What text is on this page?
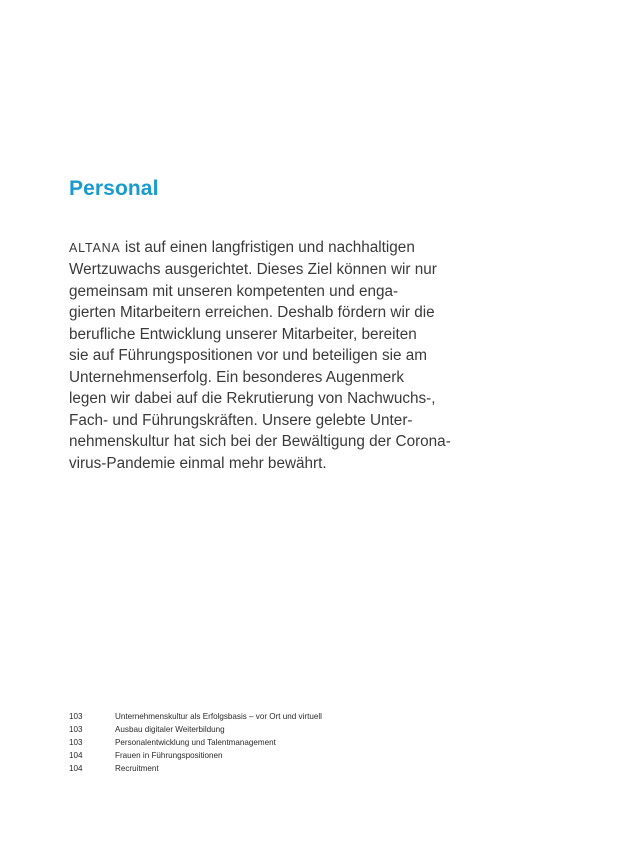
Personal

ALTANA ist auf einen langfristigen und nachhaltigen
Wertzuwachs ausgerichtet. Dieses Ziel können wir nur
gemeinsam mit unseren kompetenten und enga-
gierten Mitarbeitern erreichen. Deshalb fördern wir die
berufliche Entwicklung unserer Mitarbeiter, bereiten
sie auf Führungspositionen vor und beteiligen sie am
Unternehmenserfolg. Ein besonderes Augenmerk
legen wir dabei auf die Rekrutierung von Nachwuchs-,
Fach- und Führungskräften. Unsere gelebte Unter-
nehmenskultur hat sich bei der Bewältigung der Corona-
virus-Pandemie einmal mehr bewährt.

103	Unternehmenskultur als Erfolgsbasis – vor Ort und virtuell
103	Ausbau digitaler Weiterbildung
103	Personalentwicklung und Talentmanagement
104	Frauen in Führungspositionen
104	Recruitment
